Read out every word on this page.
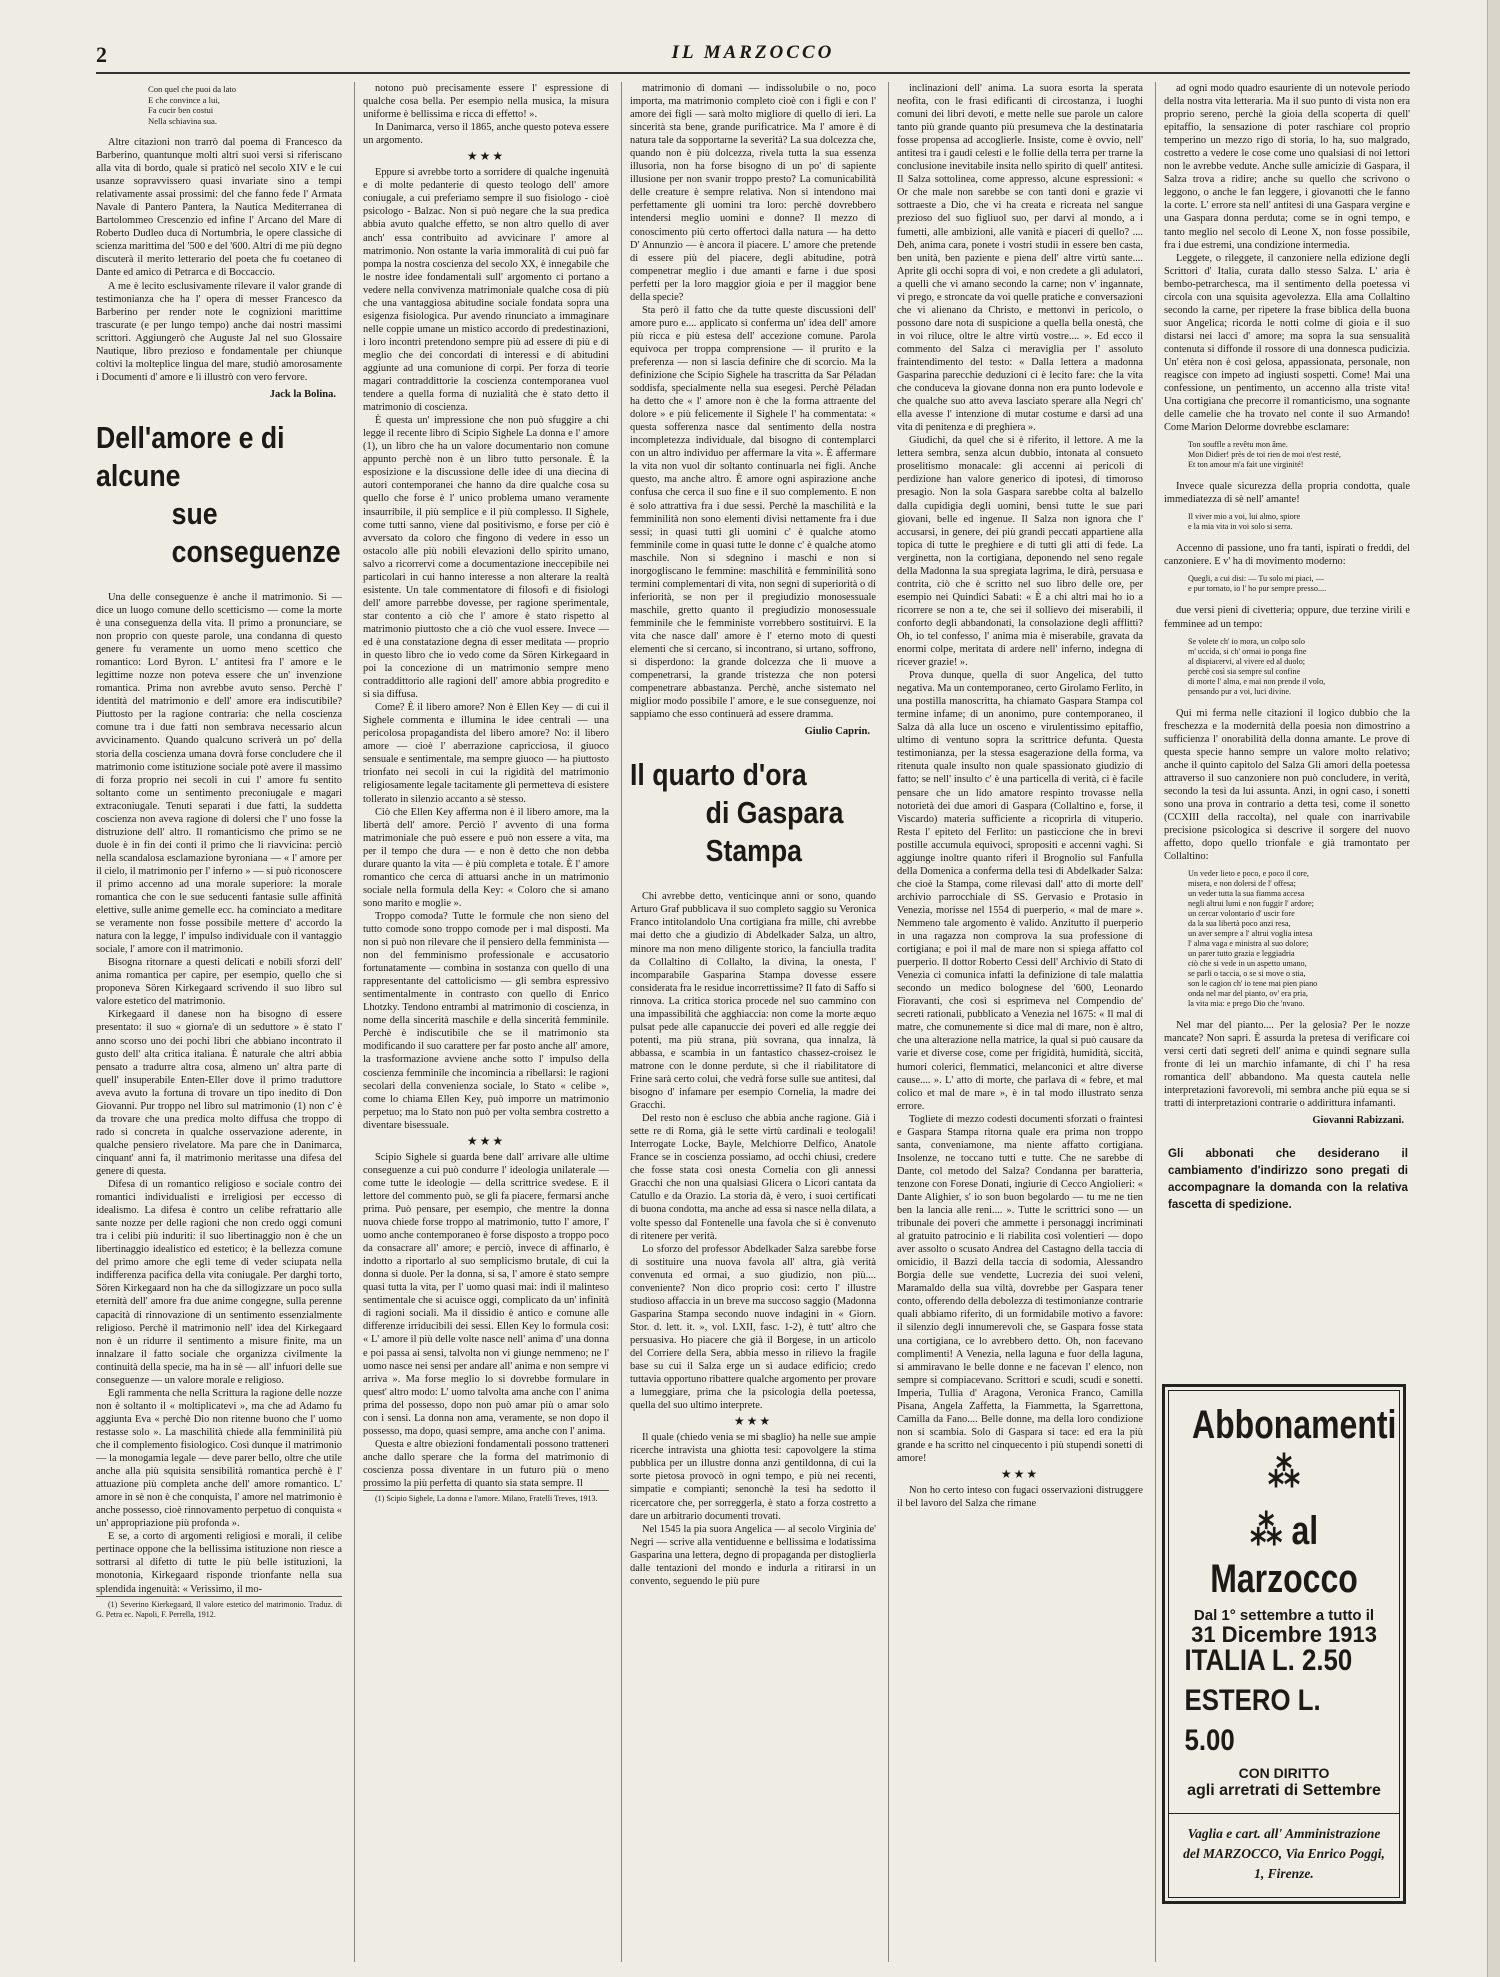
2	IL MARZOCCO
Con quel che puoi da lato
E che convince a lui,
Fa cucir ben costui
Nella schiavina sua.

Altre citazioni non trarrò dal poema di Francesco da Barberino, quantunque molti altri suoi versi si riferiscano alla vita di bordo, quale si praticò nel secolo XIV e le cui usanze sopravvissero quasi invariate sino a tempi relativamente assai prossimi: del che fanno fede l' Armata Navale di Pantero Pantera, la Nautica Mediterranea di Bartolommeo Crescenzio ed infine l' Arcano del Mare di Roberto Dudleo duca di Nortumbria, le opere classiche di scienza marittima del '500 e del '600. Altri di me più degno discuterà il merito letterario del poeta che fu coetaneo di Dante ed amico di Petrarca e di Boccaccio.

A me è lecito esclusivamente rilevare il valor grande di testimonianza che ha l' opera di messer Francesco da Barberino per render note le cognizioni marittime trascurate (e per lungo tempo) anche dai nostri massimi scrittori. Aggiungerò che Auguste Jal nel suo Glossaire Nautique, libro prezioso e fondamentale per chiunque coltivi la molteplice lingua del mare, studiò amorosamente i Documenti d' amore e li illustrò con vero fervore.

Jack la Bolina.
Dell'amore e di alcune
sue conseguenze

Una delle conseguenze è anche il matrimonio. Si — dice un luogo comune dello scetticismo — come la morte è una conseguenza della vita. Il primo a pronunciare, se non proprio con queste parole, una condanna di questo genere fu veramente un uomo meno scettico che romantico: Lord Byron. L' antitesi fra l' amore e le legittime nozze non poteva essere che un' invenzione romantica. Prima non avrebbe avuto senso. Perchè l' identità del matrimonio e dell' amore era indiscutibile? Piuttosto per la ragione contraria: che nella coscienza comune tra i due fatti non sembrava necessario alcun avvicinamento. Quando qualcuno scriverà un po' della storia della coscienza umana dovrà forse concludere che il matrimonio come istituzione sociale potè avere il massimo di forza proprio nei secoli in cui l' amore fu sentito soltanto come un sentimento preconiugale e magari extraconiugale. Tenuti separati i due fatti, la suddetta coscienza non aveva ragione di dolersi che l' uno fosse la distruzione dell' altro. Il romanticismo che primo se ne duole è in fin dei conti il primo che li riavvicina: perciò nella scandalosa esclamazione byroniana — « l' amore per il cielo, il matrimonio per l' inferno » — si può riconoscere il primo accenno ad una morale superiore: la morale romantica che con le sue seducenti fantasie sulle affinità elettive, sulle anime gemelle ecc. ha cominciato a meditare se veramente non fosse possibile mettere d' accordo la natura con la legge, l' impulso individuale con il vantaggio sociale, l' amore con il matrimonio.

Bisogna ritornare a questi delicati e nobili sforzi dell' anima romantica per capire, per esempio, quello che si proponeva Sören Kirkegaard scrivendo il suo libro sul valore estetico del matrimonio.

Kirkegaard il danese non ha bisogno di essere presentato: il suo « giorna'e di un seduttore » è stato l' anno scorso uno dei pochi libri che abbiano incontrato il gusto dell' alta critica italiana. È naturale che altri abbia pensato a tradurre altra cosa, almeno un' altra parte di quell' insuperabile Enten-Eller dove il primo traduttore aveva avuto la fortuna di trovare un tipo inedito di Don Giovanni. Pur troppo nel libro sul matrimonio (1) non c' è da trovare che una predica molto diffusa che troppo di rado si concreta in qualche osservazione aderente, in qualche pensiero rivelatore. Ma pare che in Danimarca, cinquant' anni fa, il matrimonio meritasse una difesa del genere di questa.

Difesa di un romantico religioso e sociale contro dei romantici individualisti e irreligiosi per eccesso di idealismo. La difesa è contro un celibe refrattario alle sante nozze per delle ragioni che non credo oggi comuni tra i celibi più induriti: il suo libertinaggio non è che un libertinaggio idealistico ed estetico; è la bellezza comune del primo amore che egli teme di veder sciupata nella indifferenza pacifica della vita coniugale. Per darghi torto, Sören Kirkegaard non ha che da sillogizzare un poco sulla eternità dell' amore fra due anime congegne, sulla perenne capacità di rinnovazione di un sentimento essenzialmente religioso. Perchè il matrimonio nell' idea del Kirkegaard non è un ridurre il sentimento a misure finite, ma un innalzare il fatto sociale che organizza civilmente la continuità della specie, ma ha in sè — all' infuori delle sue conseguenze — un valore morale e religioso.

Egli rammenta che nella Scrittura la ragione delle nozze non è soltanto il « moltiplicatevi », ma che ad Adamo fu aggiunta Eva « perchè Dio non ritenne buono che l' uomo restasse solo ». La maschilità chiede alla femminilità più che il complemento fisiologico. Così dunque il matrimonio — la monogamia legale — deve parer bello, oltre che utile anche alla più squisita sensibilità romantica perchè è l' attuazione più completa anche dell' amore romantico. L' amore in sè non è che conquista, l' amore nel matrimonio è anche possesso, cioè rinnovamento perpetuo di conquista « un' appropriazione più profonda ».

E se, a corto di argomenti religiosi e morali, il celibe pertinace oppone che la bellissima istituzione non riesce a sottrarsi al difetto di tutte le più belle istituzioni, la monotonia, Kirkegaard risponde trionfante nella sua splendida ingenuità: « Verissimo, il mo-

(1) Severino Kierkegaard, Il valore estetico del matrimonio. Traduz. di G. Petra ec. Napoli, F. Perrella, 1912.

notono può precisamente essere l' espressione di qualche cosa bella. Per esempio nella musica, la misura uniforme è bellissima e ricca di effetto! ».

In Danimarca, verso il 1865, anche questo poteva essere un argomento.

★★★

Eppure si avrebbe torto a sorridere di qualche ingenuità e di molte pedanterie di questo teologo dell' amore coniugale, a cui preferiamo sempre il suo fisiologo - cioè psicologo - Balzac. Non si può negare che la sua predica abbia avuto qualche effetto, se non altro quello di aver anch' essa contribuito ad avvicinare l' amore al matrimonio. Non ostante la varia immoralità di cui può far pompa la nostra coscienza del secolo XX, è innegabile che le nostre idee fondamentali sull' argomento ci portano a vedere nella convivenza matrimoniale qualche cosa di più che una vantaggiosa abitudine sociale fondata sopra una esigenza fisiologica. Pur avendo rinunciato a immaginare nelle coppie umane un mistico accordo di predestinazioni, i loro incontri pretendono sempre più ad essere di più e di meglio che dei concordati di interessi e di abitudini aggiunte ad una comunione di corpi. Per forza di teorie magari contraddittorie la coscienza contemporanea vuol tendere a quella forma di nuzialità che è stato detto il matrimonio di coscienza.

È questa un' impressione che non può sfuggire a chi legge il recente libro di Scipio Sighele La donna e l' amore (1), un libro che ha un valore documentario non comune appunto perchè non è un libro tutto personale. È la esposizione e la discussione delle idee di una diecina di autori contemporanei che hanno da dire qualche cosa su quello che forse è l' unico problema umano veramente insaurribile, il più semplice e il più complesso. Il Sighele, come tutti sanno, viene dal positivismo, e forse per ciò è avversato da coloro che fingono di vedere in esso un ostacolo alle più nobili elevazioni dello spirito umano, salvo a ricorrervi come a documentazione ineccepibile nei particolari in cui hanno interesse a non alterare la realtà esistente. Un tale commentatore di filosofi e di fisiologi dell' amore parrebbe dovesse, per ragione sperimentale, star contento a ciò che l' amore è stato rispetto al matrimonio piuttosto che a ciò che vuol essere. Invece — ed è una constatazione degna di esser meditata — proprio in questo libro che io vedo come da Sören Kirkegaard in poi la concezione di un matrimonio sempre meno contraddittorio alle ragioni dell' amore abbia progredito e si sia diffusa.

Come? È il libero amore? Non è Ellen Key — di cui il Sighele commenta e illumina le idee centrali — una pericolosa propagandista del libero amore? No: il libero amore — cioè l' aberrazione capricciosa, il giuoco sensuale e sentimentale, ma sempre giuoco — ha piuttosto trionfato nei secoli in cui la rigidità del matrimonio religiosamente legale tacitamente gli permetteva di esistere tollerato in silenzio accanto a sè stesso.

Ciò che Ellen Key afferma non è il libero amore, ma la libertà dell' amore. Perciò l' avvento di una forma matrimoniale che può essere e può non essere a vita, ma per il tempo che dura — e non è detto che non debba durare quanto la vita — è più completa e totale. È l' amore romantico che cerca di attuarsi anche in un matrimonio sociale nella formula della Key: « Coloro che si amano sono marito e moglie ».

Troppo comoda? Tutte le formule che non sieno del tutto comode sono troppo comode per i mal disposti. Ma non si può non rilevare che il pensiero della femminista — non del femminismo professionale e accusatorio fortunatamente — combina in sostanza con quello di una rappresentante del cattolicismo — gli sembra espressivo sentimentalmente in contrasto con quello di Enrico Lhotzky. Tendono entrambi al matrimonio di coscienza, in nome della sincerità maschile e della sincerità femminile. Perchè è indiscutibile che se il matrimonio sta modificando il suo carattere per far posto anche all' amore, la trasformazione avviene anche sotto l' impulso della coscienza femminile che incomincia a ribellarsi: le ragioni secolari della convenienza sociale, lo Stato « celibe », come lo chiama Ellen Key, può imporre un matrimonio perpetuo; ma lo Stato non può per volta sembra costretto a diventare bisessuale.

★★★

Scipio Sighele si guarda bene dall' arrivare alle ultime conseguenze a cui può condurre l' ideologia unilaterale — come tutte le ideologie — della scrittrice svedese. E il lettore del commento può, se gli fa piacere, fermarsi anche prima. Può pensare, per esempio, che mentre la donna nuova chiede forse troppo al matrimonio, tutto l' amore, l' uomo anche contemporaneo è forse disposto a troppo poco da consacrare all' amore; e perciò, invece di affinarlo, è indotto a riportarlo al suo semplicismo brutale, di cui la donna si duole. Per la donna, si sa, l' amore è stato sempre quasi tutta la vita, per l' uomo quasi mai: indi il malinteso sentimentale che si acuisce oggi, complicato da un' infinità di ragioni sociali. Ma il dissidio è antico e comune alle differenze irriducibili dei sessi. Ellen Key lo formula così: « L' amore il più delle volte nasce nell' anima d' una donna e poi passa ai sensi, talvolta non vi giunge nemmeno; ne l' uomo nasce nei sensi per andare all' anima e non sempre vi arriva ». Ma forse meglio lo si dovrebbe formulare in quest' altro modo: L' uomo talvolta ama anche con l' anima prima del possesso, dopo non può amar più o amar solo con i sensi. La donna non ama, veramente, se non dopo il possesso, ma dopo, quasi sempre, ama anche con l' anima.

Questa e altre obiezioni fondamentali possono tratteneri anche dallo sperare che la forma del matrimonio di coscienza possa diventare in un futuro più o meno prossimo la più perfetta di quanto sia stata sempre. Il

(1) Scipio Sighele, La donna e l'amore. Milano, Fratelli Treves, 1913.

matrimonio di domani — indissolubile o no, poco importa, ma matrimonio completo cioè con i figli e con l' amore dei figli — sarà molto migliore di quello di ieri. La sincerità sta bene, grande purificatrice. Ma l' amore è di natura tale da sopportarne la severità? La sua dolcezza che, quando non è più dolcezza, rivela tutta la sua essenza illusoria, non ha forse bisogno di un po' di sapiente illusione per non svanir troppo presto? La comunicabilità delle creature è sempre relativa. Non si intendono mai perfettamente gli uomini tra loro: perchè dovrebbero intendersi meglio uomini e donne? Il mezzo di conoscimento più certo offertoci dalla natura — ha detto D' Annunzio — è ancora il piacere. L' amore che pretende di essere più del piacere, degli abitudine, potrà compenetrar meglio i due amanti e farne i due sposi perfetti per la loro maggior gioia e per il maggior bene della specie?

Sta però il fatto che da tutte queste discussioni dell' amore puro e.... applicato si conferma un' idea dell' amore più ricca e più estesa dell' accezione comune. Parola equivoca per troppa comprensione — il prurito e la preferenza — non si lascia definire che di scorcio. Ma la definizione che Scipio Sighele ha trascritta da Sar Péladan soddisfa, specialmente nella sua esegesi. Perchè Péladan ha detto che « l' amore non è che la forma attraente del dolore » e più felicemente il Sighele l' ha commentata: « questa sofferenza nasce dal sentimento della nostra incompletezza individuale, dal bisogno di contemplarci con un altro individuo per affermare la vita ». È affermare la vita non vuol dir soltanto continuarla nei figli. Anche questo, ma anche altro. È amore ogni aspirazione anche confusa che cerca il suo fine e il suo complemento. E non è solo attrattiva fra i due sessi. Perchè la maschilità e la femminilità non sono elementi divisi nettamente fra i due sessi; in quasi tutti gli uomini c' è qualche atomo femminile come in quasi tutte le donne c' è qualche atomo maschile. Non si sdegnino i maschi e non si inorgogliscano le femmine: maschilità e femminilità sono termini complementari di vita, non segni di superiorità o di inferiorità, se non per il pregiudizio monosessuale maschile, gretto quanto il pregiudizio monosessuale femminile che le femministe vorrebbero sostituirvi. E la vita che nasce dall' amore è l' eterno moto di questi elementi che si cercano, si incontrano, si urtano, soffrono, si disperdono: la grande dolcezza che li muove a compenetrarsi, la grande tristezza che non potersi compenetrare abbastanza. Perchè, anche sistemato nel miglior modo possibile l' amore, e le sue conseguenze, noi sappiamo che esso continuerà ad essere dramma.

Giulio Caprin.
Il quarto d'ora
di Gaspara Stampa

Chi avrebbe detto, venticinque anni or sono, quando Arturo Graf pubblicava il suo completo saggio su Veronica Franco intitolandolo Una cortigiana fra mille, chi avrebbe mai detto che a giudizio di Abdelkader Salza, un altro, minore ma non meno diligente storico, la fanciulla tradita da Collaltino di Collalto, la divina, la onesta, l' incomparabile Gasparina Stampa dovesse essere considerata fra le residue incorrettissime? Il fato di Saffo si rinnova. La critica storica procede nel suo cammino con una impassibilità che agghiaccia: non come la morte æquo pulsat pede alle capanuccie dei poveri ed alle reggie dei potenti, ma più strana, più sovrana, qua innalza, là abbassa, e scambia in un fantastico chassez-croisez le matrone con le donne perdute, sì che il riabilitatore di Frine sarà certo colui, che vedrà forse sulle sue antitesi, dal bisogno d' infamare per esempio Cornelia, la madre dei Gracchi.

Del resto non è escluso che abbia anche ragione. Già i sette re di Roma, già le sette virtù cardinali e teologali! Interrogate Locke, Bayle, Melchiorre Delfico, Anatole France se in coscienza possiamo, ad occhi chiusi, credere che fosse stata così onesta Cornelia con gli annessi Gracchi che non una qualsiasi Glicera o Licori cantata da Catullo e da Orazio. La storia dà, è vero, i suoi certificati di buona condotta, ma anche ad essa si nasce nella dilata, a volte spesso dal Fontenelle una favola che si è convenuto di ritenere per verità.

Lo sforzo del professor Abdelkader Salza sarebbe forse di sostituire una nuova favola all' altra, già verità convenuta ed ormai, a suo giudizio, non più.... conveniente? Non dico proprio così: certo l' illustre studioso affaccia in un breve ma succoso saggio (Madonna Gasparina Stampa secondo nuove indagini in « Giorn. Stor. d. lett. it. », vol. LXII, fasc. 1-2), è tutt' altro che persuasiva. Ho piacere che già il Borgese, in un articolo del Corriere della Sera, abbia messo in rilievo la fragile base su cui il Salza erge un sì audace edificio; credo tuttavia opportuno ribattere qualche argomento per provare a lumeggiare, prima che la psicologia della poetessa, quella del suo ultimo interprete.

★★★

Il quale (chiedo venia se mi sbaglio) ha nelle sue ampie ricerche intravista una ghiotta tesi: capovolgere la stima pubblica per un illustre donna anzi gentildonna, di cui la sorte pietosa provocò in ogni tempo, e più nei recenti, simpatie e compianti; senonchè la tesi ha sedotto il ricercatore che, per sorreggerla, è stato a forza costretto a dare un arbitrario documenti trovati.

Nel 1545 la pia suora Angelica — al secolo Virginia de' Negri — scrive alla ventiduenne e bellissima e lodatissima Gasparina una lettera, degno di propaganda per distoglierla dalle tentazioni del mondo e indurla a ritirarsi in un convento, seguendo le più pure

inclinazioni dell' anima. La suora esorta la sperata neofita, con le frasi edificanti di circostanza, i luoghi comuni dei libri devoti, e mette nelle sue parole un calore tanto più grande quanto più presumeva che la destinataria fosse propensa ad accoglierle. Insiste, come è ovvio, nell' antitesi tra i gaudi celesti e le follie della terra per trarne la conclusione inevitabile insita nello spirito di quell' antitesi. Il Salza sottolinea, come appresso, alcune espressioni: « Or che male non sarebbe se con tanti doni e grazie vi sottraeste a Dio, che vi ha creata e ricreata nel sangue prezioso del suo figliuol suo, per darvi al mondo, a i fumetti, alle ambizioni, alle vanità e piaceri di quello? .... Deh, anima cara, ponete i vostri studii in essere ben casta, ben unità, ben paziente e piena dell' altre virtù sante.... Aprite gli occhi sopra di voi, e non credete a gli adulatori, a quelli che vi amano secondo la carne; non v' ingannate, vi prego, e stroncate da voi quelle pratiche e conversazioni che vi alienano da Christo, e mettonvi in pericolo, o possono dare nota di suspicione a quella bella onestà, che in voi riluce, oltre le altre virtù vostre.... ». Ed ecco il commento del Salza ci meraviglia per l' assoluto fraintendimento del testo: « Dalla lettera a madonna Gasparina parecchie deduzioni ci è lecito fare: che la vita che conduceva la giovane donna non era punto lodevole e che qualche suo atto aveva lasciato sperare alla Negri ch' ella avesse l' intenzione di mutar costume e darsi ad una vita di penitenza e di preghiera ».

Giudichi, da quel che si è riferito, il lettore. A me la lettera sembra, senza alcun dubbio, intonata al consueto proselitismo monacale: gli accenni ai pericoli di perdizione han valore generico di ipotesi, di timoroso presagio. Non la sola Gaspara sarebbe colta al balzello dalla cupidigia degli uomini, bensì tutte le sue pari giovani, belle ed ingenue. Il Salza non ignora che l' accusarsi, in genere, dei più grandi peccati appartiene alla topica di tutte le preghiere e di tutti gli atti di fede. La verginetta, non la cortigiana, deponendo nel seno regale della Madonna la sua spregiata lagrima, le dirà, persuasa e contrita, ciò che è scritto nel suo libro delle ore, per esempio nei Quindici Sabati: « È a chi altri mai ho io a ricorrere se non a te, che sei il sollievo dei miserabili, il conforto degli abbandonati, la consolazione degli afflitti? Oh, io tel confesso, l' anima mia è miserabile, gravata da enormi colpe, meritata di ardere nell' inferno, indegna di ricever grazie! ».

Prova dunque, quella di suor Angelica, del tutto negativa. Ma un contemporaneo, certo Girolamo Ferlito, in una postilla manoscritta, ha chiamato Gaspara Stampa col termine infame; di un anonimo, pure contemporaneo, il Salza dà alla luce un osceno e virulentissimo epitaffio, ultimo di ventuno sopra la scrittrice defunta. Questa testimonianza, per la stessa esagerazione della forma, va ritenuta quale insulto non quale spassionato giudizio di fatto; se nell' insulto c' è una particella di verità, ci è facile pensare che un lido amatore respinto trovasse nella notorietà dei due amori di Gaspara (Collaltino e, forse, il Viscardo) materia sufficiente a ricoprirla di vituperio. Resta l' epiteto del Ferlito: un pasticcione che in brevi postille accumula equivoci, spropositi e accenni vaghi. Si aggiunge inoltre quanto riferì il Brognolio sul Fanfulla della Domenica a conferma della tesi di Abdelkader Salza: che cioè la Stampa, come rilevasi dall' atto di morte dell' archivio parrocchiale di SS. Gervasio e Protasio in Venezia, morisse nel 1554 di puerperio, « mal de mare ». Nemmeno tale argomento è valido. Anzitutto il puerperio in una ragazza non comprova la sua professione di cortigiana; e poi il mal de mare non si spiega affatto col puerperio. Il dottor Roberto Cessi dell' Archivio di Stato di Venezia ci comunica infatti la definizione di tale malattia secondo un medico bolognese del '600, Leonardo Fioravanti, che così si esprimeva nel Compendio de' secreti rationali, pubblicato a Venezia nel 1675: « Il mal di matre, che comunemente si dice mal di mare, non è altro, che una alterazione nella matrice, la qual si può causare da varie et diverse cose, come per frigidità, humidità, siccità, humori colerici, flemmatici, melanconici et altre diverse cause.... ». L' atto di morte, che parlava di « febre, et mal colico et mal de mare », è in tal modo illustrato senza errore.

Togliete di mezzo codesti documenti sforzati o fraintesi e Gaspara Stampa ritorna quale era prima non troppo santa, conveniamone, ma niente affatto cortigiana. Insolenze, ne toccano tutti e tutte. Che ne sarebbe di Dante, col metodo del Salza? Condanna per baratteria, tenzone con Forese Donati, ingiurie di Cecco Angiolieri: « Dante Alighier, s' io son buon begolardo — tu me ne tien ben la lancia alle reni.... ». Tutte le scrittrici sono — un tribunale dei poveri che ammette i personaggi incriminati al gratuito patrocinio e li riabilita così volentieri — dopo aver assolto o scusato Andrea del Castagno della taccia di omicidio, il Bazzi della taccia di sodomia, Alessandro Borgia delle sue vendette, Lucrezia dei suoi veleni, Maramaldo della sua viltà, dovrebbe per Gaspara tener conto, offerendo della debolezza di testimonianze contrarie quali abbiamo riferito, di un formidabile motivo a favore: il silenzio degli innumerevoli che, se Gaspara fosse stata una cortigiana, ce lo avrebbero detto. Oh, non facevano complimenti! A Venezia, nella laguna e fuor della laguna, si ammiravano le belle donne e ne facevan l' elenco, non sempre si compiacevano. Scrittori e scudi, scudi e sonetti. Imperia, Tullia d' Aragona, Veronica Franco, Camilla Pisana, Angela Zaffetta, la Fiammetta, la Sgarrettona, Camilla da Fano.... Belle donne, ma della loro condizione non si scambia. Solo di Gaspara si tace: ed era la più grande e ha scritto nel cinquecento i più stupendi sonetti di amore!

★★★

Non ho certo inteso con fugaci osservazioni distruggere il bel lavoro del Salza che rimane

ad ogni modo quadro esauriente di un notevole periodo della nostra vita letteraria. Ma il suo punto di vista non era proprio sereno, perchè la gioia della scoperta di quell' epitaffio, la sensazione di poter raschiare col proprio temperino un mezzo rigo di storia, lo ha, suo malgrado, costretto a vedere le cose come uno qualsiasi di noi lettori non le avrebbe vedute. Anche sulle amicizie di Gaspara, il Salza trova a ridire; anche su quello che scrivono o leggono, o anche le fan leggere, i giovanotti che le fanno la corte. L' errore sta nell' antitesi di una Gaspara vergine e una Gaspara donna perduta; come se in ogni tempo, e tanto meglio nel secolo di Leone X, non fosse possibile, fra i due estremi, una condizione intermedia.

Leggete, o rileggete, il canzoniere nella edizione degli Scrittori d' Italia, curata dallo stesso Salza. L' aria è bembo-petrarchesca, ma il sentimento della poetessa vi circola con una squisita agevolezza. Ella ama Collaltino secondo la carne, per ripetere la frase biblica della buona suor Angelica; ricorda le notti colme di gioia e il suo distarsi nei lacci d' amore; ma sopra la sua sensualità contenuta si diffonde il rossore di una donnesca pudicizia. Un' etèra non è così gelosa, appassionata, personale, non reagisce con impeto ad ingiusti sospetti. Come! Mai una confessione, un pentimento, un accenno alla triste vita! Una cortigiana che precorre il romanticismo, una sognante delle camelie che ha trovato nel conte il suo Armando! Come Marion Delorme dovrebbe esclamare:

Ton souffle a revêtu mon âme.
Mon Didier! près de toi rien de moi n'est resté,
Et ton amour m'a fait une virginité!

Invece quale sicurezza della propria condotta, quale immediatezza di sè nell' amante!

Il viver mio a voi, lui almo, spiore
e la mia vita in voi solo si serra.

Accenno di passione, uno fra tanti, ispirati o freddi, del canzoniere. E v' ha di movimento moderno:

Quegli, a cui disi: — Tu solo mi piaci, —
e pur tornato, io l' ho pur sempre presso....

due versi pieni di civetteria; oppure, due terzine virili e femminee ad un tempo:

Se volete ch' io mora, un colpo solo
m' uccida, si ch' ormai io ponga fine
al dispiacervi, al vivere ed al duolo;
perchè così sia sempre sul confine
di morte l' alma, e mai non prende il volo,
pensando pur a voi, luci divine.

Qui mi ferma nelle citazioni il logico dubbio che la freschezza e la modernità della poesia non dimostrino a sufficienza l' onorabilità della donna amante. Le prove di questa specie hanno sempre un valore molto relativo; anche il quinto capitolo del Salza Gli amori della poetessa attraverso il suo canzoniere non può concludere, in verità, secondo la tesi da lui assunta. Anzi, in ogni caso, i sonetti sono una prova in contrario a detta tesi, come il sonetto (CCXIII della raccolta), nel quale con inarrivabile precisione psicologica si descrive il sorgere del nuovo affetto, dopo quello trionfale e già tramontato per Collaltino:

Un veder lieto e poco, e poco il core,
misera, e non dolersi de l' offesa;
un veder tutta la sua fiamma accesa
negli altrui lumi e non fuggir l' ardore;
un cercar volontario d' uscir fore
da la sua libertà poco anzi resa,
un aver sempre a l' altrui voglia intesa
l' alma vaga e ministra al suo dolore;
un parer tutto grazia e leggiadria
ciò che si vede in un aspetto umano,
se parli o taccia, o se si move o stia,
son le cagion ch' io tene mai pien piano
onda nel mar del pianto, ov' era pria,
la vita mia: e prego Dio che 'nvano.

Nel mar del pianto.... Per la gelosia? Per le nozze mancate? Non sapri. È assurda la pretesa di verificare coi versi certi dati segreti dell' anima e quindi segnare sulla fronte di lei un marchio infamante, di chi l' ha resa romantica dell' abbandono. Ma questa cautela nelle interpretazioni favorevoli, mi sembra anche più equa se si tratti di interpretazioni contrarie o addirittura infamanti.

Giovanni Rabizzani.
Gli abbonati che desiderano il cambiamento d'indirizzo sono pregati di accompagnare la domanda con la relativa fascetta di spedizione.
Abbonamenti ⁂
⁂ al Marzocco
Dal 1° settembre a tutto il
31 Dicembre 1913
ITALIA L. 2.50
ESTERO L. 5.00
CON DIRITTO
agli arretrati di Settembre
Vaglia e cart. all' Amministrazione del MARZOCCO, Via Enrico Poggi, 1, Firenze.
